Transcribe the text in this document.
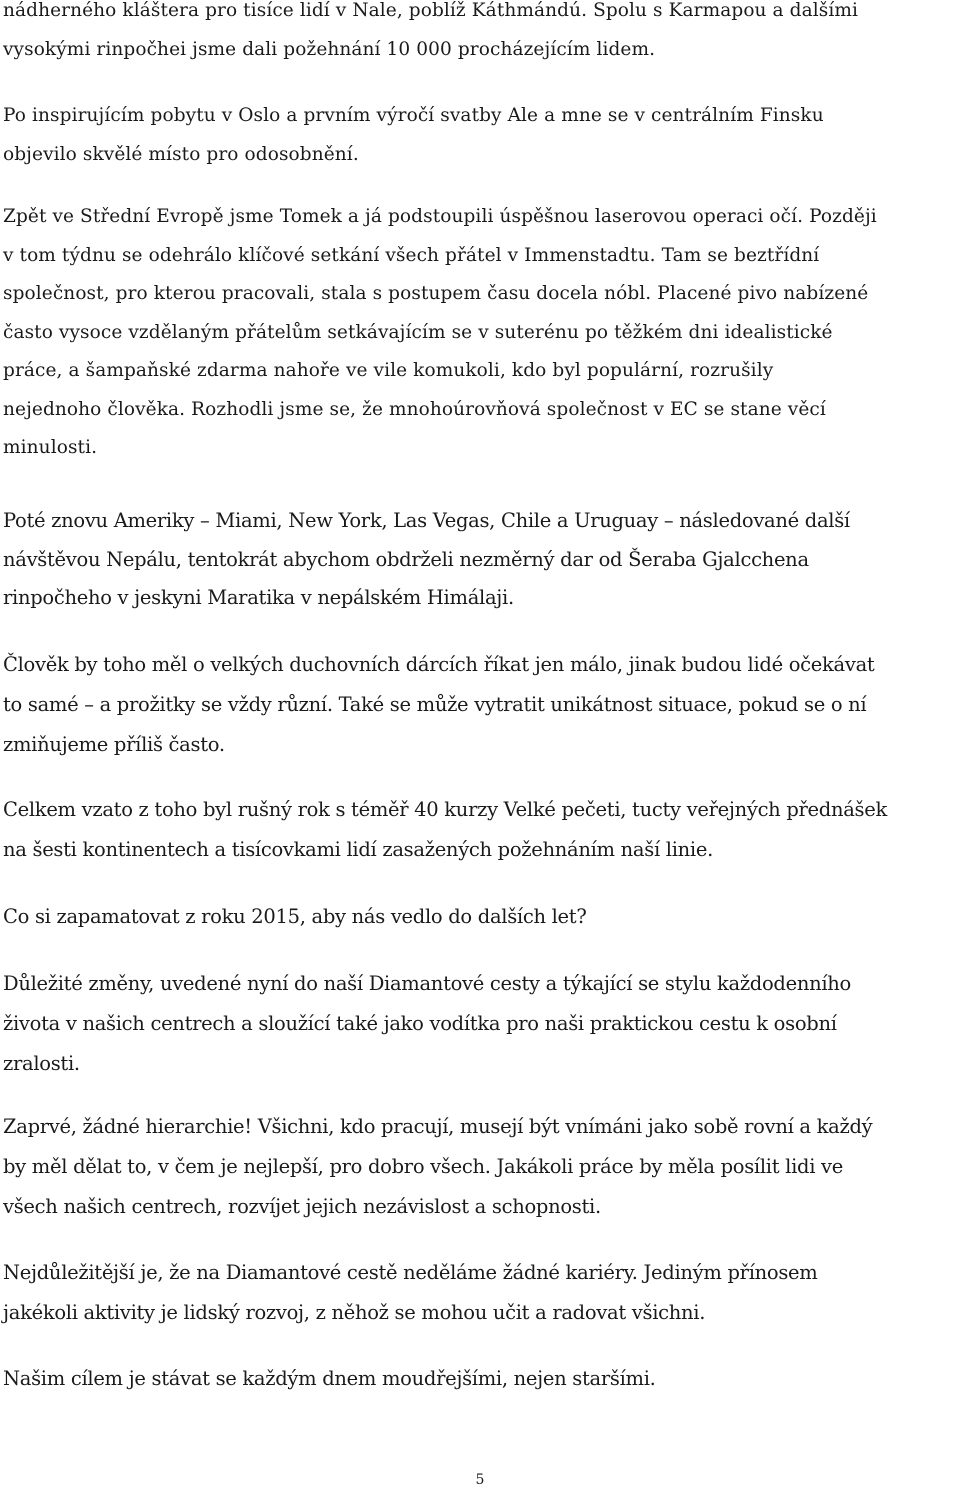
nádherného kláštera pro tisíce lidí v Nale, poblíž Káthmándú. Spolu s Karmapou a dalšími
vysokými rinpočhei jsme dali požehnání 10 000 procházejícím lidem.

Po inspirujícím pobytu v Oslo a prvním výročí svatby Ale a mne se v centrálním Finsku
objevilo skvělé místo pro odosobnění.

Zpět ve Střední Evropě jsme Tomek a já podstoupili úspěšnou laserovou operaci očí. Později
v tom týdnu se odehrálo klíčové setkání všech přátel v Immenstadtu. Tam se beztřídní
společnost, pro kterou pracovali, stala s postupem času docela nóbl. Placené pivo nabízené
často vysoce vzdělaným přátelům setkávajícím se v suterénu po těžkém dni idealistické
práce, a šampaňské zdarma nahoře ve vile komukoli, kdo byl populární, rozrušily
nejednoho člověka. Rozhodli jsme se, že mnohoúrovňová společnost v EC se stane věcí
minulosti.

Poté znovu Ameriky – Miami, New York, Las Vegas, Chile a Uruguay – následované další
návštěvou Nepálu, tentokrát abychom obdrželi nezměrný dar od Šeraba Gjalcchena
rinpočheho v jeskyni Maratika v nepálském Himálaji.

Člověk by toho měl o velkých duchovních dárcích říkat jen málo, jinak budou lidé očekávat
to samé – a prožitky se vždy různí. Také se může vytratit unikátnost situace, pokud se o ní
zmiňujeme příliš často.

Celkem vzato z toho byl rušný rok s téměř 40 kurzy Velké pečeti, tucty veřejných přednášek
na šesti kontinentech a tisícovkami lidí zasažených požehnáním naší linie.

Co si zapamatovat z roku 2015, aby nás vedlo do dalších let?

Důležité změny, uvedené nyní do naší Diamantové cesty a týkající se stylu každodenního
života v našich centrech a sloužící také jako vodítka pro naši praktickou cestu k osobní
zralosti.

Zaprvé, žádné hierarchie! Všichni, kdo pracují, musejí být vnímáni jako sobě rovní a každý
by měl dělat to, v čem je nejlepší, pro dobro všech. Jakákoli práce by měla posílit lidi ve
všech našich centrech, rozvíjet jejich nezávislost a schopnosti.

Nejdůležitější je, že na Diamantové cestě neděláme žádné kariéry. Jediným přínosem
jakékoli aktivity je lidský rozvoj, z něhož se mohou učit a radovat všichni.

Našim cílem je stávat se každým dnem moudřejšími, nejen staršími.

5
